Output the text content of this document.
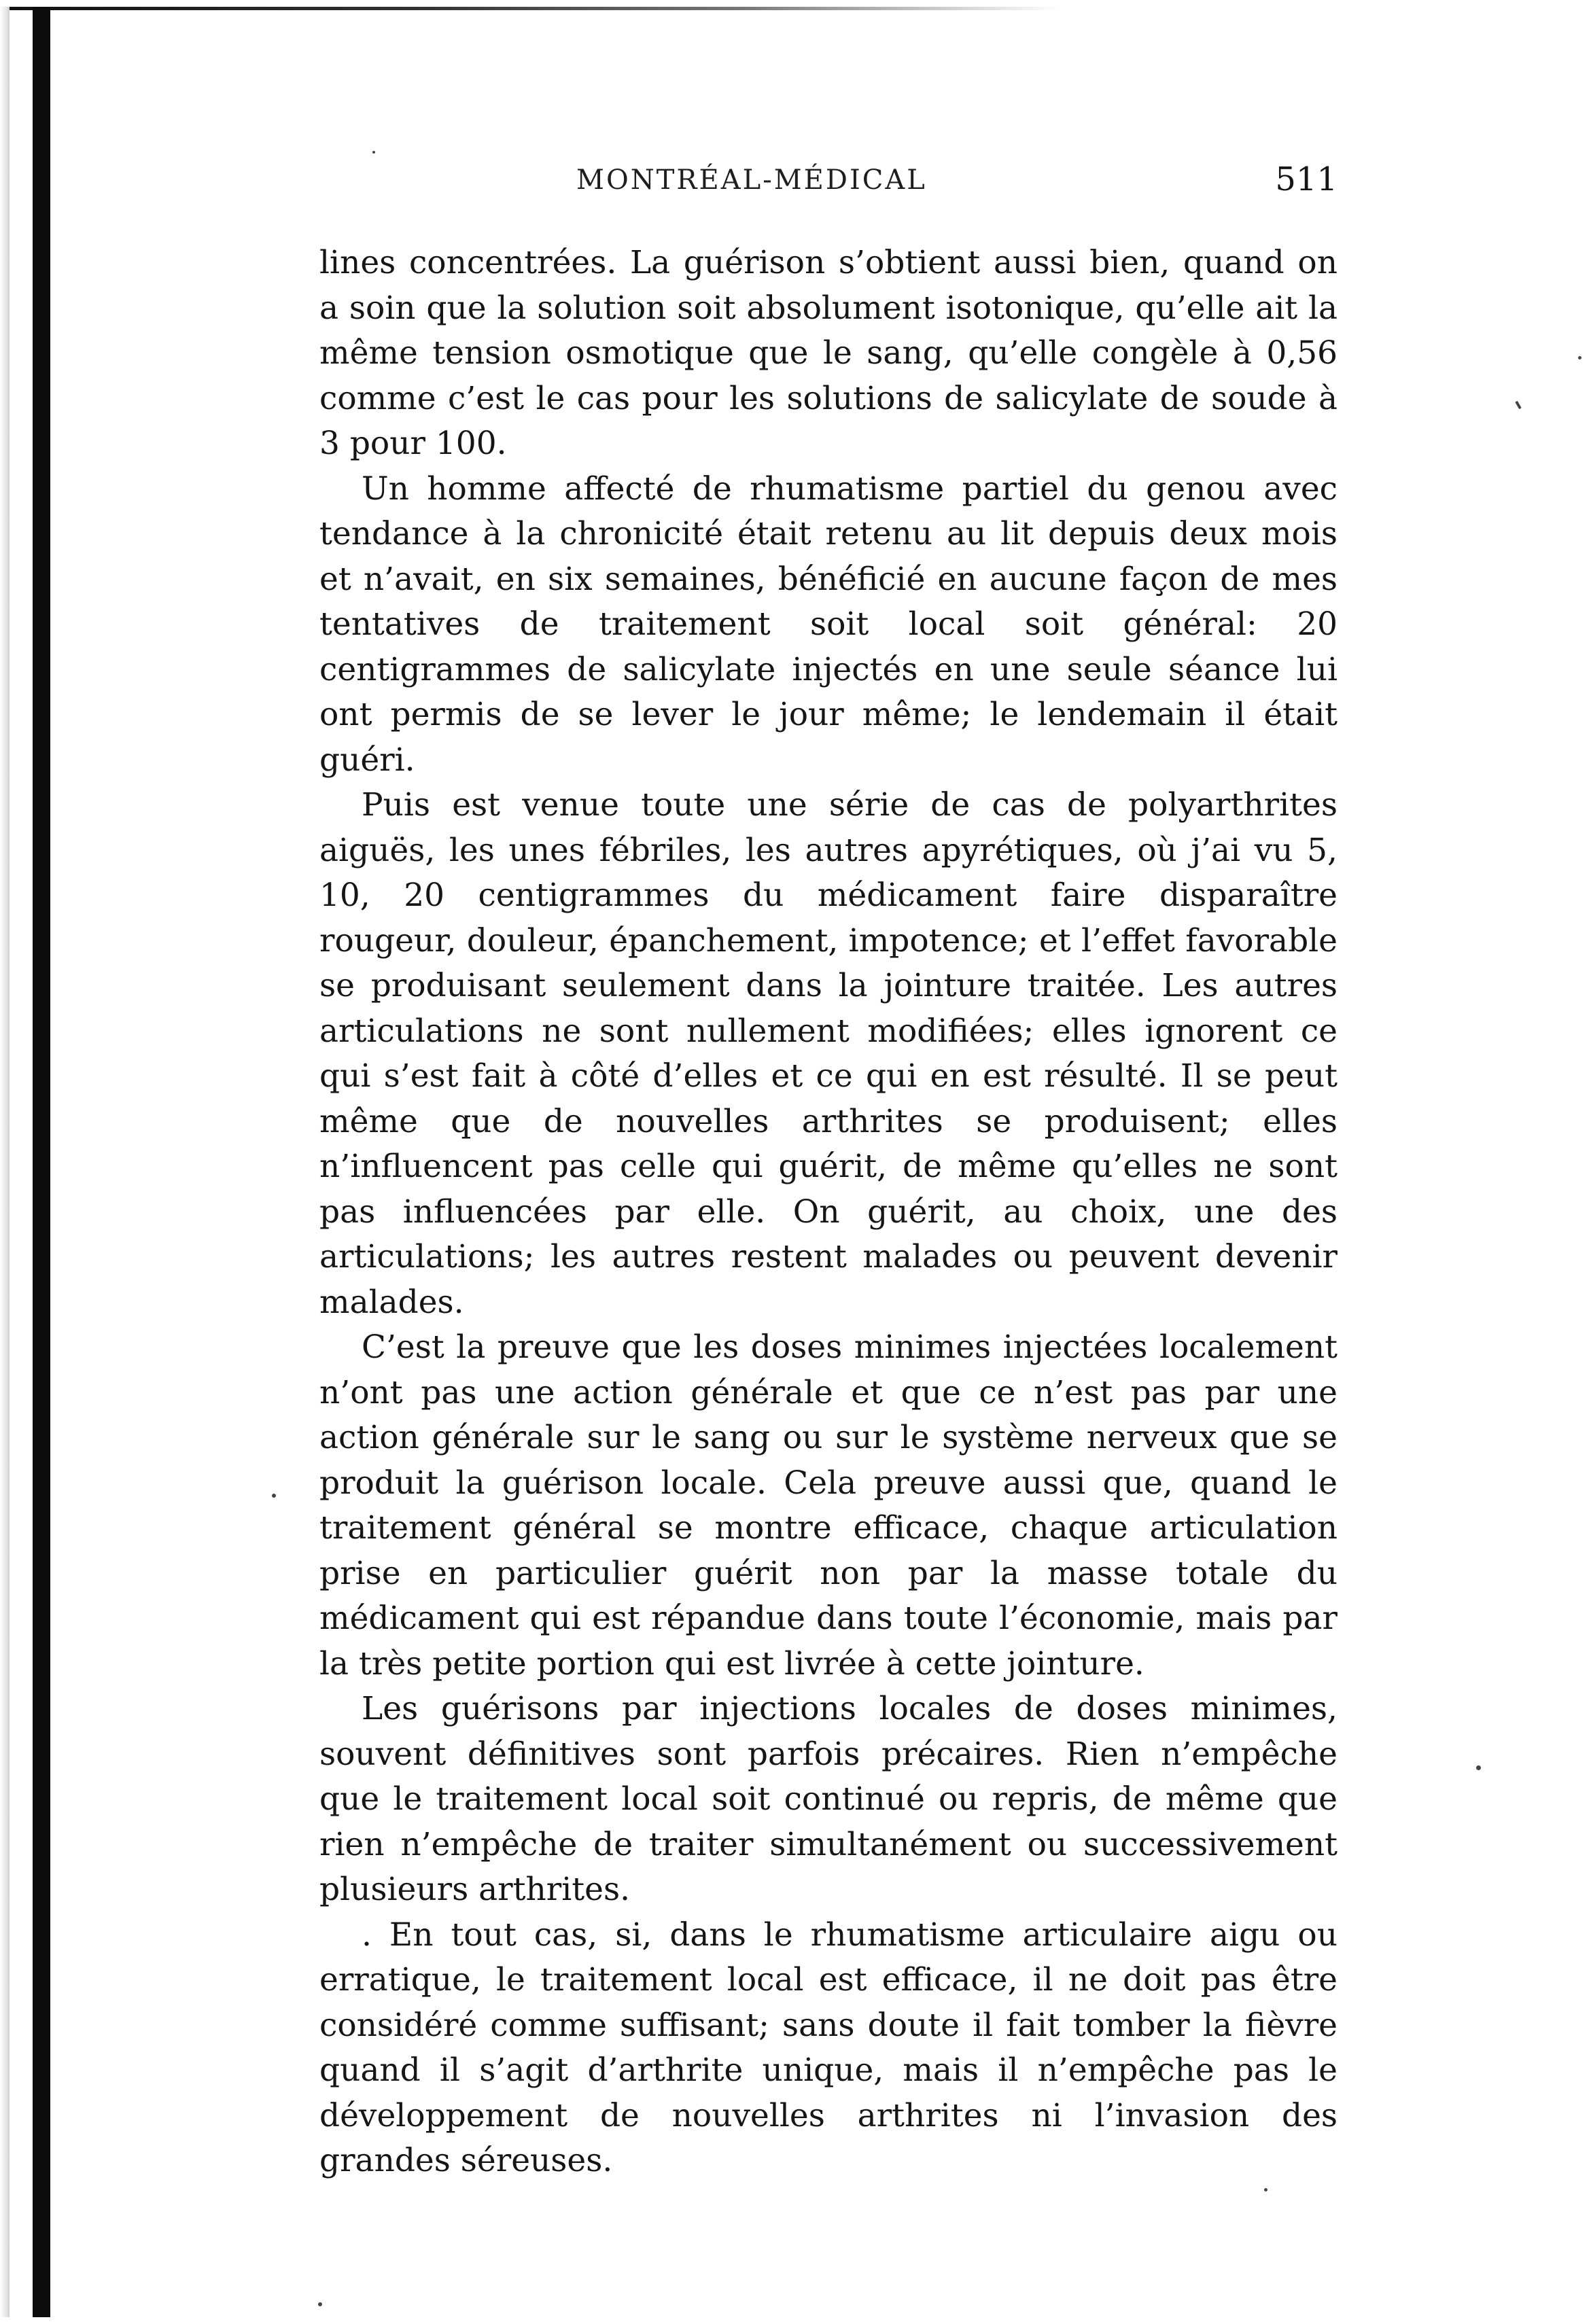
MONTRÉAL-MÉDICAL	511

lines concentrées. La guérison s’obtient aussi bien, quand on a soin que la solution soit absolument isotonique, qu’elle ait la même tension osmotique que le sang, qu’elle congèle à 0,56 comme c’est le cas pour les solutions de salicylate de soude à 3 pour 100.

Un homme affecté de rhumatisme partiel du genou avec tendance à la chronicité était retenu au lit depuis deux mois et n’avait, en six semaines, bénéficié en aucune façon de mes tentatives de traitement soit local soit général: 20 centigrammes de salicylate injectés en une seule séance lui ont permis de se lever le jour même; le lendemain il était guéri.

Puis est venue toute une série de cas de polyarthrites aiguës, les unes fébriles, les autres apyrétiques, où j’ai vu 5, 10, 20 centigrammes du médicament faire disparaître rougeur, douleur, épanchement, impotence; et l’effet favorable se produisant seulement dans la jointure traitée. Les autres articulations ne sont nullement modifiées; elles ignorent ce qui s’est fait à côté d’elles et ce qui en est résulté. Il se peut même que de nouvelles arthrites se produisent; elles n’influencent pas celle qui guérit, de même qu’elles ne sont pas influencées par elle. On guérit, au choix, une des articulations; les autres restent malades ou peuvent devenir malades.

C’est la preuve que les doses minimes injectées localement n’ont pas une action générale et que ce n’est pas par une action générale sur le sang ou sur le système nerveux que se produit la guérison locale. Cela preuve aussi que, quand le traitement général se montre efficace, chaque articulation prise en particulier guérit non par la masse totale du médicament qui est répandue dans toute l’économie, mais par la très petite portion qui est livrée à cette jointure.

Les guérisons par injections locales de doses minimes, souvent définitives sont parfois précaires. Rien n’empêche que le traitement local soit continué ou repris, de même que rien n’empêche de traiter simultanément ou successivement plusieurs arthrites.

. En tout cas, si, dans le rhumatisme articulaire aigu ou erratique, le traitement local est efficace, il ne doit pas être considéré comme suffisant; sans doute il fait tomber la fièvre quand il s’agit d’arthrite unique, mais il n’empêche pas le développement de nouvelles arthrites ni l’invasion des grandes séreuses.
